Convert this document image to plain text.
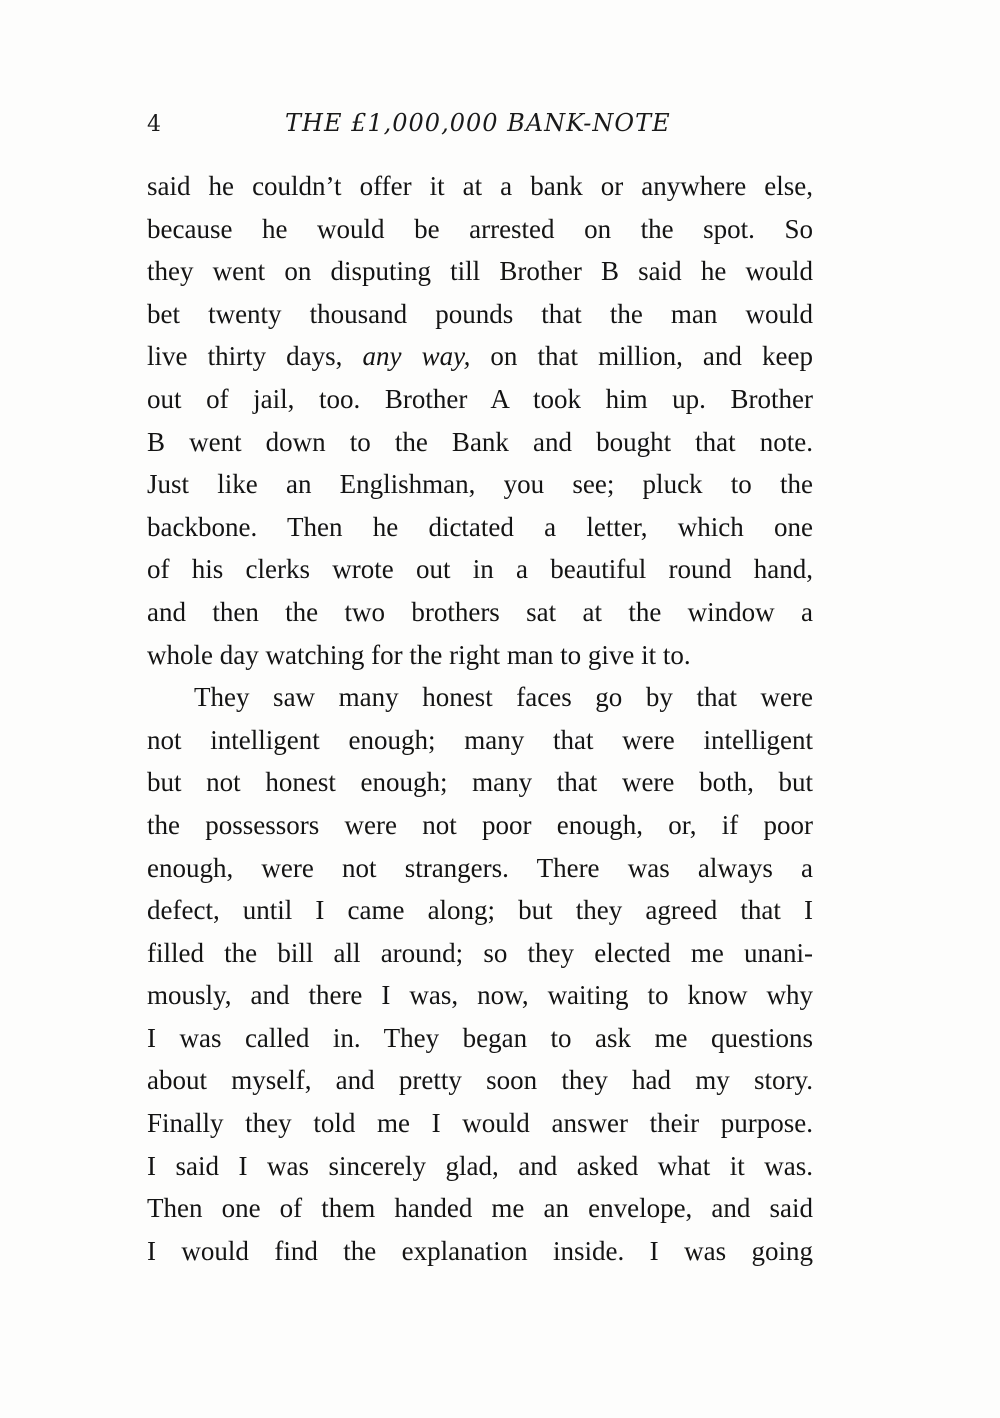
4	THE £1,000,000 BANK-NOTE
said he couldn’t offer it at a bank or anywhere else,
because he would be arrested on the spot. So
they went on disputing till Brother B said he would
bet twenty thousand pounds that the man would
live thirty days, any way, on that million, and keep
out of jail, too. Brother A took him up. Brother
B went down to the Bank and bought that note.
Just like an Englishman, you see; pluck to the
backbone. Then he dictated a letter, which one
of his clerks wrote out in a beautiful round hand,
and then the two brothers sat at the window a
whole day watching for the right man to give it to.
They saw many honest faces go by that were
not intelligent enough; many that were intelligent
but not honest enough; many that were both, but
the possessors were not poor enough, or, if poor
enough, were not strangers. There was always a
defect, until I came along; but they agreed that I
filled the bill all around; so they elected me unani-
mously, and there I was, now, waiting to know why
I was called in. They began to ask me questions
about myself, and pretty soon they had my story.
Finally they told me I would answer their purpose.
I said I was sincerely glad, and asked what it was.
Then one of them handed me an envelope, and said
I would find the explanation inside. I was going
